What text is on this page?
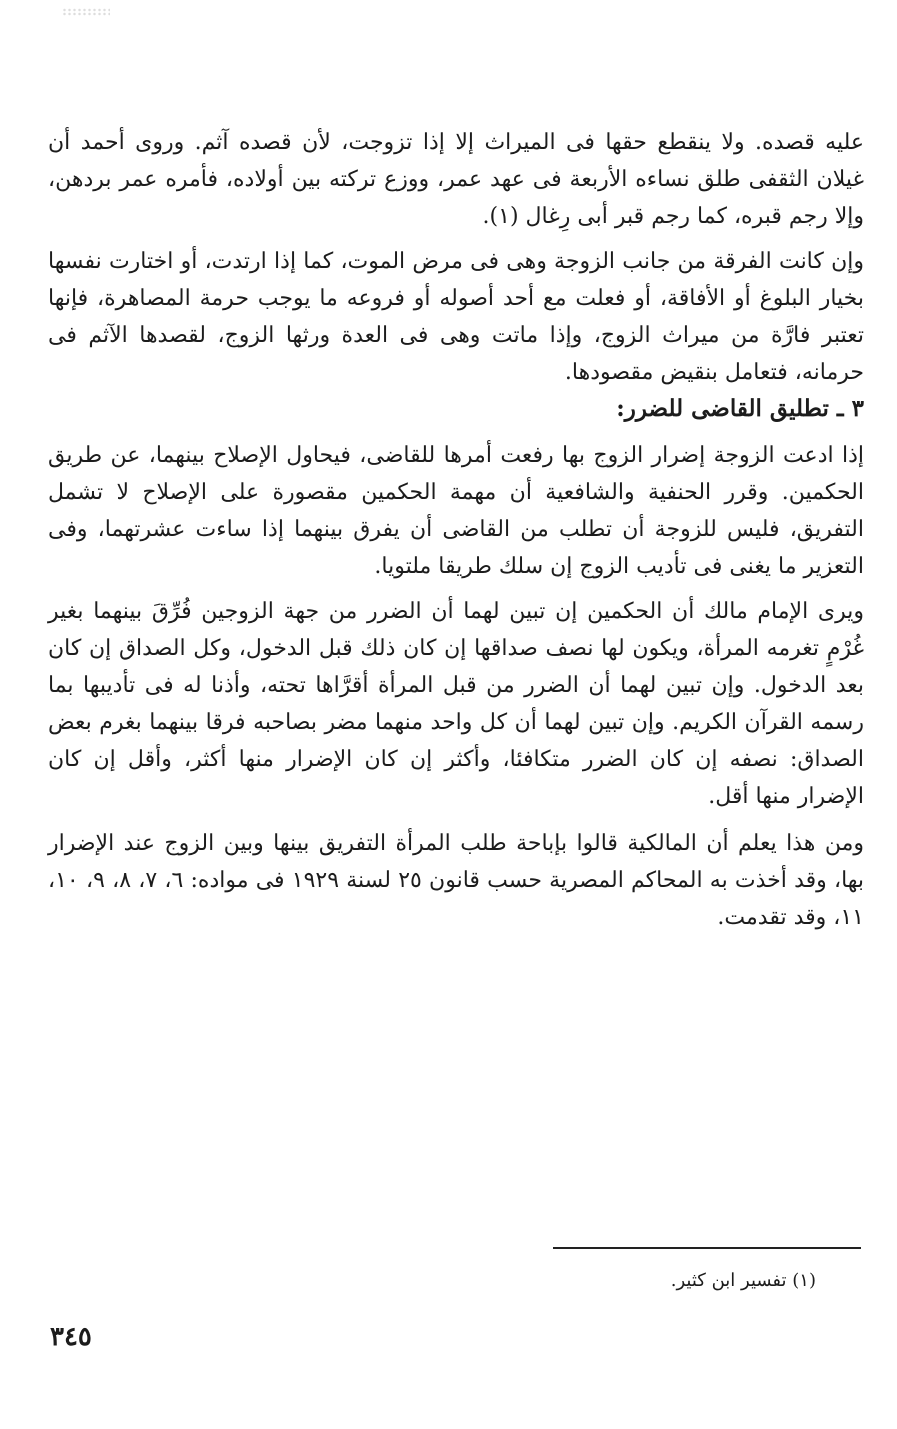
عليه قصده. ولا ينقطع حقها فى الميراث إلا إذا تزوجت، لأن قصده آثم. وروى أحمد أن غيلان الثقفى طلق نساءه الأربعة فى عهد عمر، ووزع تركته بين أولاده، فأمره عمر بردهن، وإلا رجم قبره، كما رجم قبر أبى رِغال (١).

وإن كانت الفرقة من جانب الزوجة وهى فى مرض الموت، كما إذا ارتدت، أو اختارت نفسها بخيار البلوغ أو الأفاقة، أو فعلت مع أحد أصوله أو فروعه ما يوجب حرمة المصاهرة، فإنها تعتبر فارَّة من ميراث الزوج، وإذا ماتت وهى فى العدة ورثها الزوج، لقصدها الآثم فى حرمانه، فتعامل بنقيض مقصودها.

٣ ـ تطليق القاضى للضرر:

إذا ادعت الزوجة إضرار الزوج بها رفعت أمرها للقاضى، فيحاول الإصلاح بينهما، عن طريق الحكمين. وقرر الحنفية والشافعية أن مهمة الحكمين مقصورة على الإصلاح لا تشمل التفريق، فليس للزوجة أن تطلب من القاضى أن يفرق بينهما إذا ساءت عشرتهما، وفى التعزير ما يغنى فى تأديب الزوج إن سلك طريقا ملتويا.

ويرى الإمام مالك أن الحكمين إن تبين لهما أن الضرر من جهة الزوجين فُرِّقَ بينهما بغير غُرْمٍ تغرمه المرأة، ويكون لها نصف صداقها إن كان ذلك قبل الدخول، وكل الصداق إن كان بعد الدخول. وإن تبين لهما أن الضرر من قبل المرأة أقرَّاها تحته، وأذنا له فى تأديبها بما رسمه القرآن الكريم. وإن تبين لهما أن كل واحد منهما مضر بصاحبه فرقا بينهما بغرم بعض الصداق: نصفه إن كان الضرر متكافئا، وأكثر إن كان الإضرار منها أكثر، وأقل إن كان الإضرار منها أقل.

ومن هذا يعلم أن المالكية قالوا بإباحة طلب المرأة التفريق بينها وبين الزوج عند الإضرار بها، وقد أخذت به المحاكم المصرية حسب قانون ٢٥ لسنة ١٩٢٩ فى مواده: ٦، ٧، ٨، ٩، ١٠، ١١، وقد تقدمت.

(١) تفسير ابن كثير.
٣٤٥
